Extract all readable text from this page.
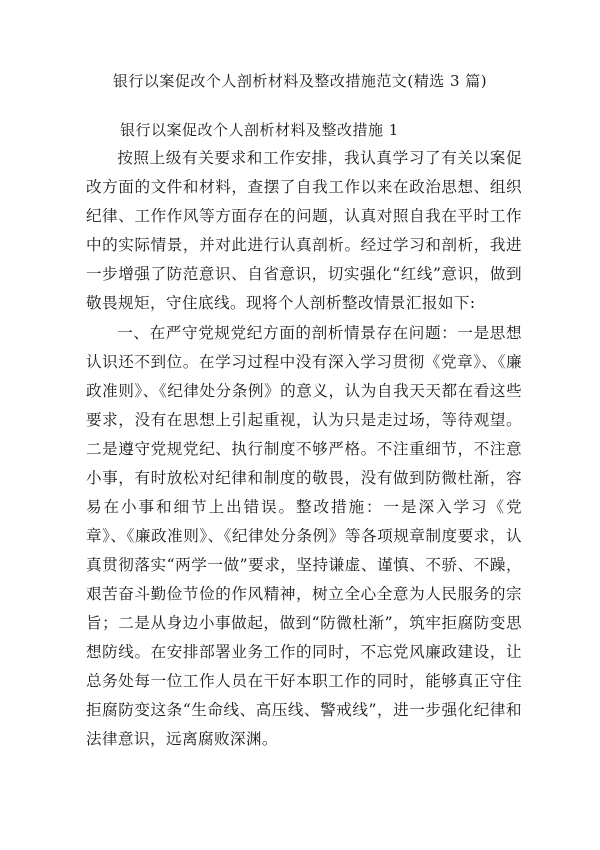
银行以案促改个人剖析材料及整改措施范文(精选 3 篇)
银行以案促改个人剖析材料及整改措施 1

按照上级有关要求和工作安排，我认真学习了有关以案促改方面的文件和材料，查摆了自我工作以来在政治思想、组织纪律、工作作风等方面存在的问题，认真对照自我在平时工作中的实际情景，并对此进行认真剖析。经过学习和剖析，我进一步增强了防范意识、自省意识，切实强化“红线”意识，做到敬畏规矩，守住底线。现将个人剖析整改情景汇报如下:

一、在严守党规党纪方面的剖析情景存在问题：一是思想认识还不到位。在学习过程中没有深入学习贯彻《党章》、《廉政准则》、《纪律处分条例》的意义，认为自我天天都在看这些要求，没有在思想上引起重视，认为只是走过场，等待观望。二是遵守党规党纪、执行制度不够严格。不注重细节，不注意小事，有时放松对纪律和制度的敬畏，没有做到防微杜渐，容易在小事和细节上出错误。整改措施：一是深入学习《党章》、《廉政准则》、《纪律处分条例》等各项规章制度要求，认真贯彻落实“两学一做”要求，坚持谦虚、谨慎、不骄、不躁，艰苦奋斗勤俭节俭的作风精神，树立全心全意为人民服务的宗旨；二是从身边小事做起，做到“防微杜渐”，筑牢拒腐防变思想防线。在安排部署业务工作的同时，不忘党风廉政建设，让总务处每一位工作人员在干好本职工作的同时，能够真正守住拒腐防变这条“生命线、高压线、警戒线”，进一步强化纪律和法律意识，远离腐败深渊。
